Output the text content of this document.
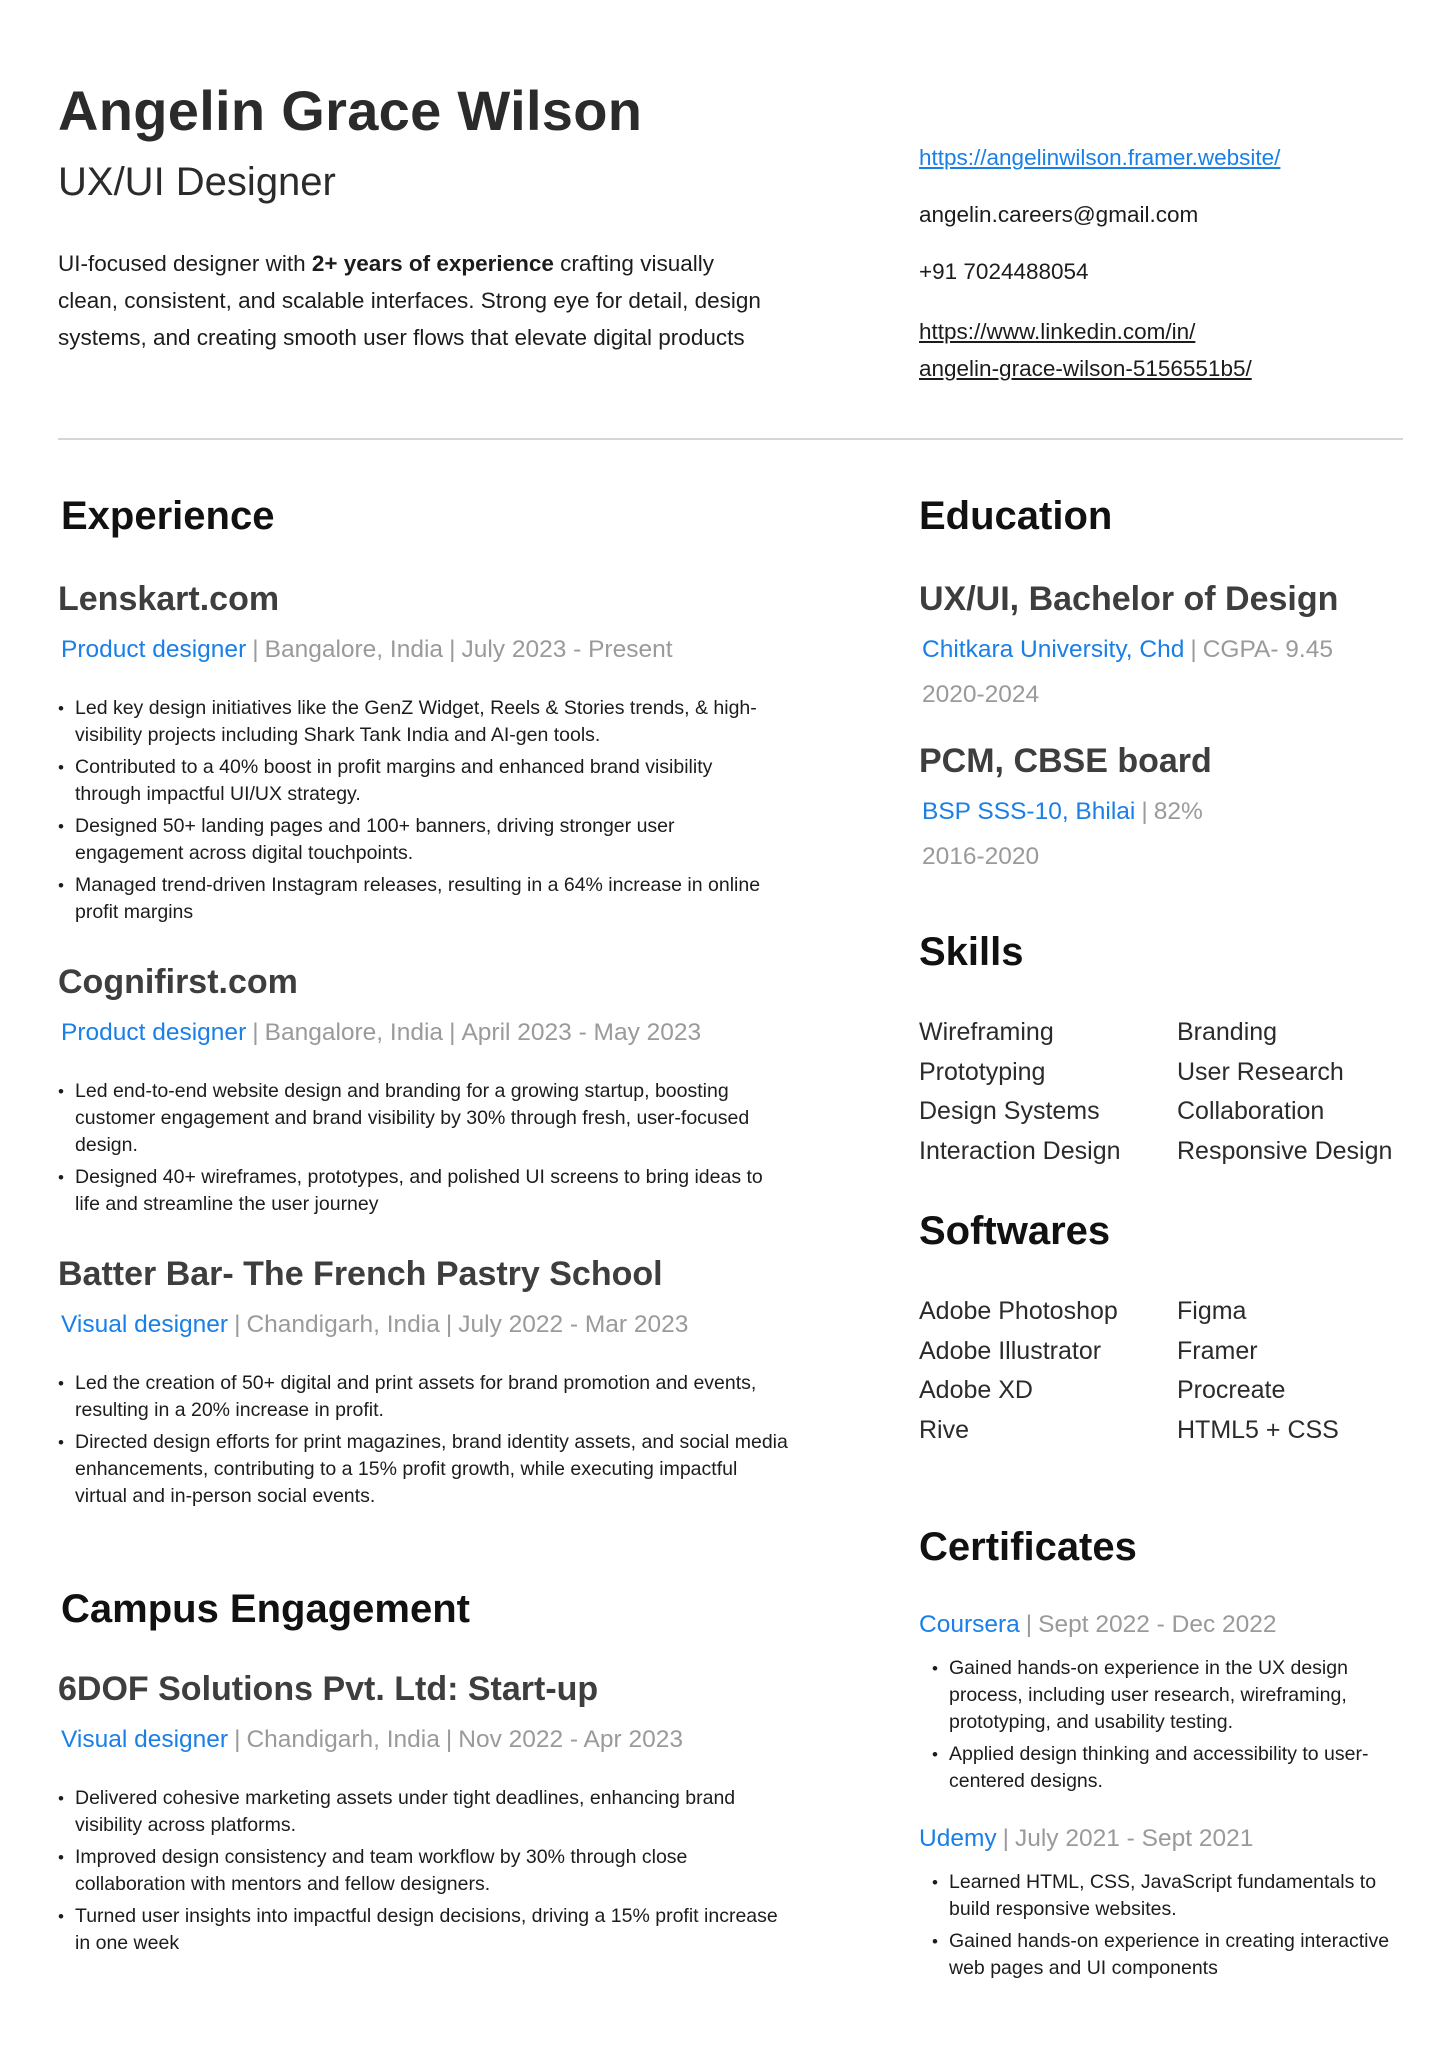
Angelin Grace Wilson
UX/UI Designer

UI-focused designer with 2+ years of experience crafting visually clean, consistent, and scalable interfaces. Strong eye for detail, design systems, and creating smooth user flows that elevate digital products

https://angelinwilson.framer.website/
angelin.careers@gmail.com
+91 7024488054
https://www.linkedin.com/in/
angelin-grace-wilson-5156551b5/
Experience
Lenskart.com
Product designer | Bangalore, India | July 2023 - Present
• Led key design initiatives like the GenZ Widget, Reels & Stories trends, & high-visibility projects including Shark Tank India and AI-gen tools.
• Contributed to a 40% boost in profit margins and enhanced brand visibility through impactful UI/UX strategy.
• Designed 50+ landing pages and 100+ banners, driving stronger user engagement across digital touchpoints.
• Managed trend-driven Instagram releases, resulting in a 64% increase in online profit margins
Cognifirst.com
Product designer | Bangalore, India | April 2023 - May 2023
• Led end-to-end website design and branding for a growing startup, boosting customer engagement and brand visibility by 30% through fresh, user-focused design.
• Designed 40+ wireframes, prototypes, and polished UI screens to bring ideas to life and streamline the user journey
Batter Bar- The French Pastry School
Visual designer | Chandigarh, India | July 2022 - Mar 2023
• Led the creation of 50+ digital and print assets for brand promotion and events, resulting in a 20% increase in profit.
• Directed design efforts for print magazines, brand identity assets, and social media enhancements, contributing to a 15% profit growth, while executing impactful virtual and in-person social events.
Campus Engagement
6DOF Solutions Pvt. Ltd: Start-up
Visual designer | Chandigarh, India | Nov 2022 - Apr 2023
• Delivered cohesive marketing assets under tight deadlines, enhancing brand visibility across platforms.
• Improved design consistency and team workflow by 30% through close collaboration with mentors and fellow designers.
• Turned user insights into impactful design decisions, driving a 15% profit increase in one week
Education
UX/UI, Bachelor of Design
Chitkara University, Chd | CGPA- 9.45
2020-2024
PCM, CBSE board
BSP SSS-10, Bhilai | 82%
2016-2020
Skills
Wireframing	Branding
Prototyping	User Research
Design Systems	Collaboration
Interaction Design	Responsive Design
Softwares
Adobe Photoshop	Figma
Adobe Illustrator	Framer
Adobe XD	Procreate
Rive	HTML5 + CSS
Certificates
Coursera | Sept 2022 - Dec 2022
• Gained hands-on experience in the UX design process, including user research, wireframing, prototyping, and usability testing.
• Applied design thinking and accessibility to user-centered designs.
Udemy | July 2021 - Sept 2021
• Learned HTML, CSS, JavaScript fundamentals to build responsive websites.
• Gained hands-on experience in creating interactive web pages and UI components
